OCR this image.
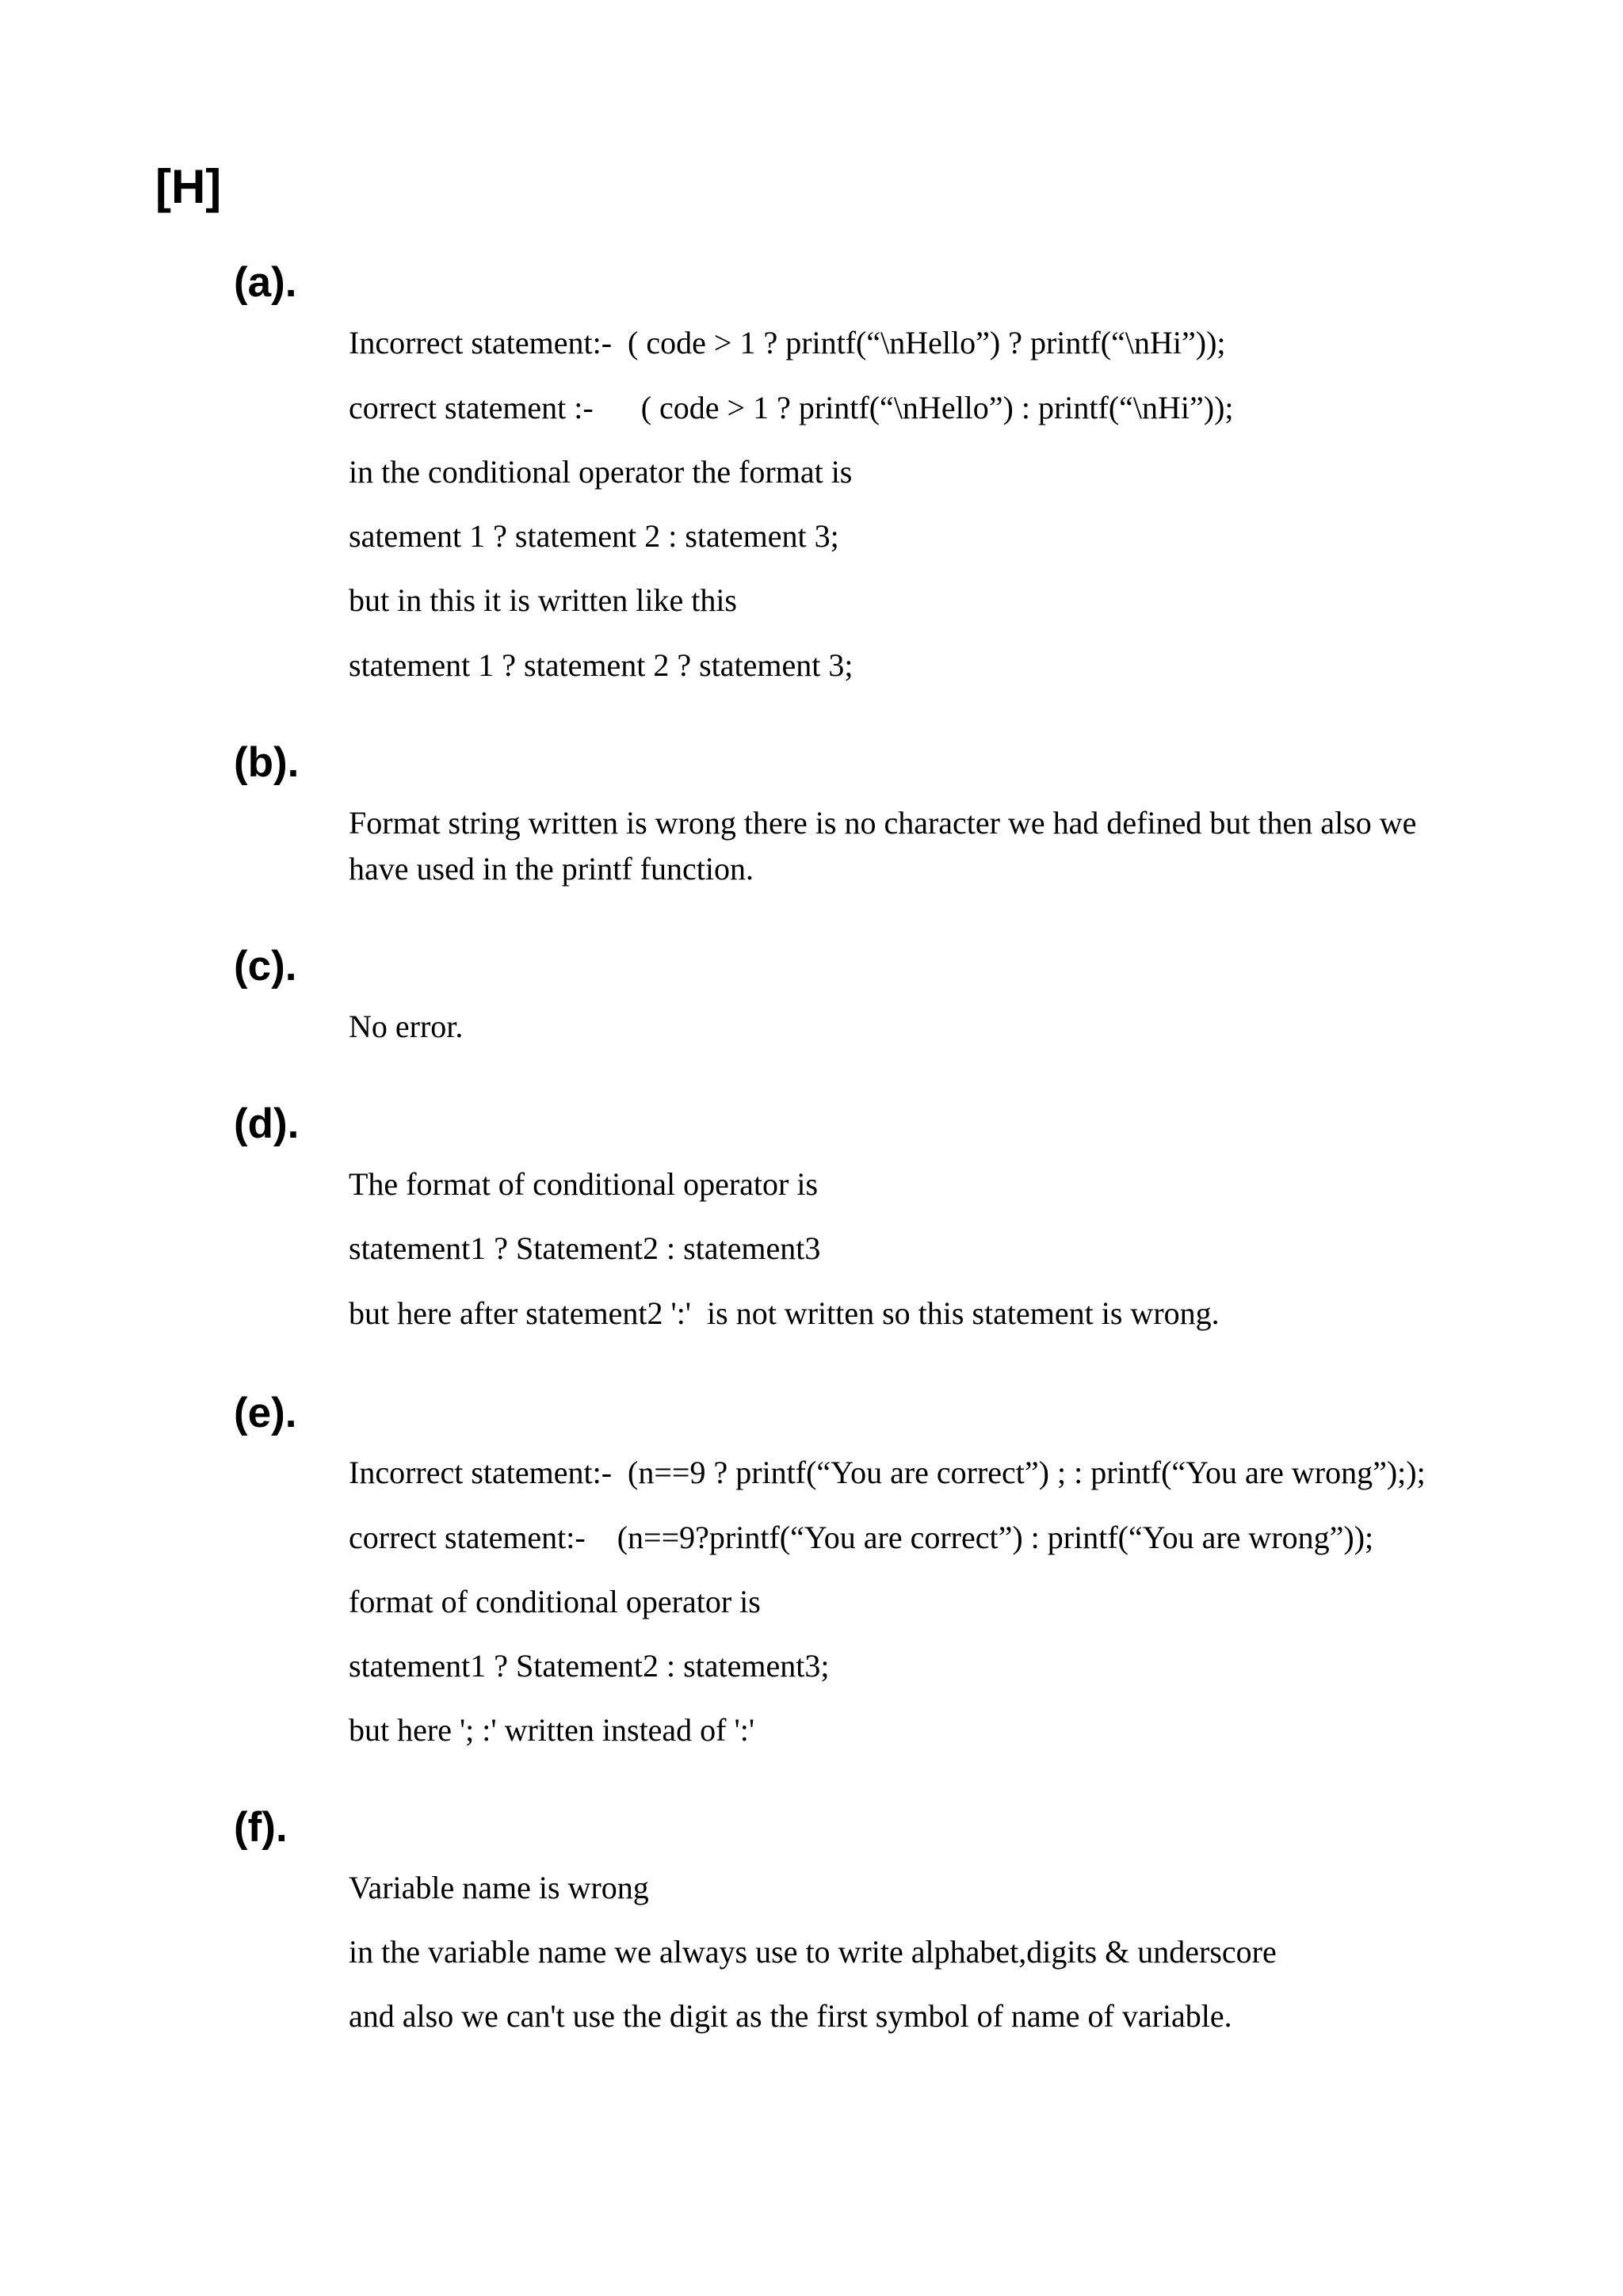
[H]
(a).

Incorrect statement:-  ( code > 1 ? printf(“\nHello”) ? printf(“\nHi”));

correct statement :-      ( code > 1 ? printf(“\nHello”) : printf(“\nHi”));

in the conditional operator the format is

satement 1 ? statement 2 : statement 3;

but in this it is written like this

statement 1 ? statement 2 ? statement 3;

(b).

Format string written is wrong there is no character we had defined but then also we have used in the printf function.

(c).

No error.

(d).

The format of conditional operator is

statement1 ? Statement2 : statement3

but here after statement2 ':'  is not written so this statement is wrong.

(e).

Incorrect statement:-  (n==9 ? printf(“You are correct”) ; : printf(“You are wrong”););

correct statement:-    (n==9?printf(“You are correct”) : printf(“You are wrong”));

format of conditional operator is

statement1 ? Statement2 : statement3;

but here '; :' written instead of ':'

(f).

Variable name is wrong

in the variable name we always use to write alphabet,digits & underscore

and also we can't use the digit as the first symbol of name of variable.
